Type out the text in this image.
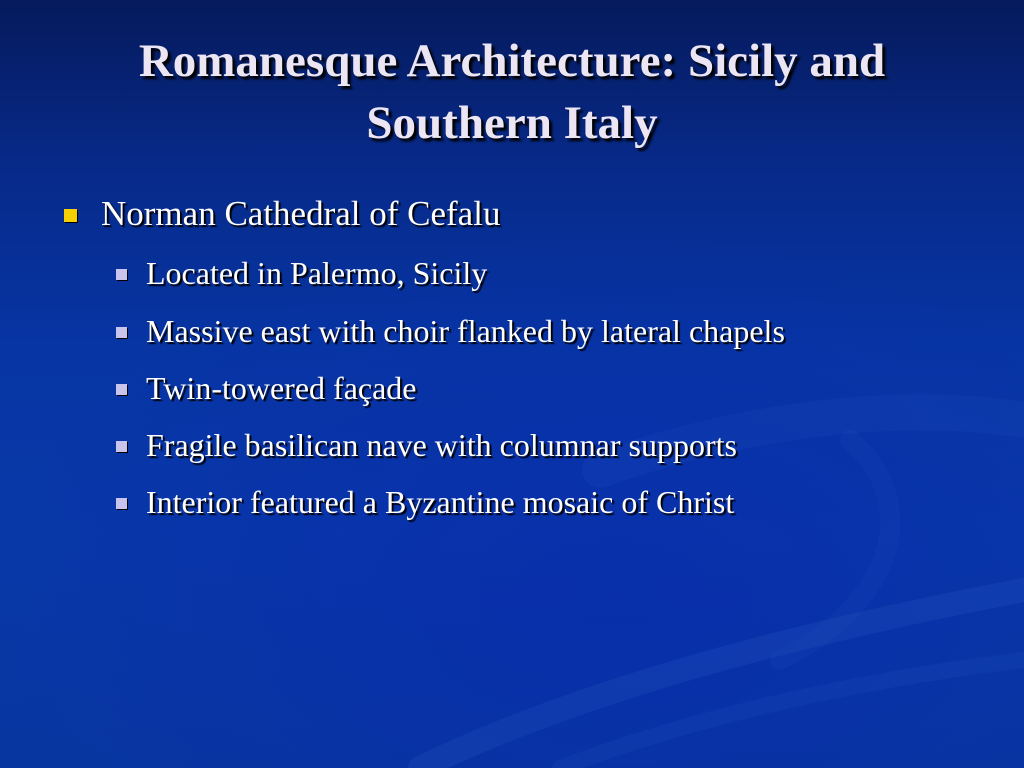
Romanesque Architecture: Sicily and
Southern Italy
Norman Cathedral of Cefalu
Located in Palermo, Sicily
Massive east with choir flanked by lateral chapels
Twin-towered façade
Fragile basilican nave with columnar supports
Interior featured a Byzantine mosaic of Christ
